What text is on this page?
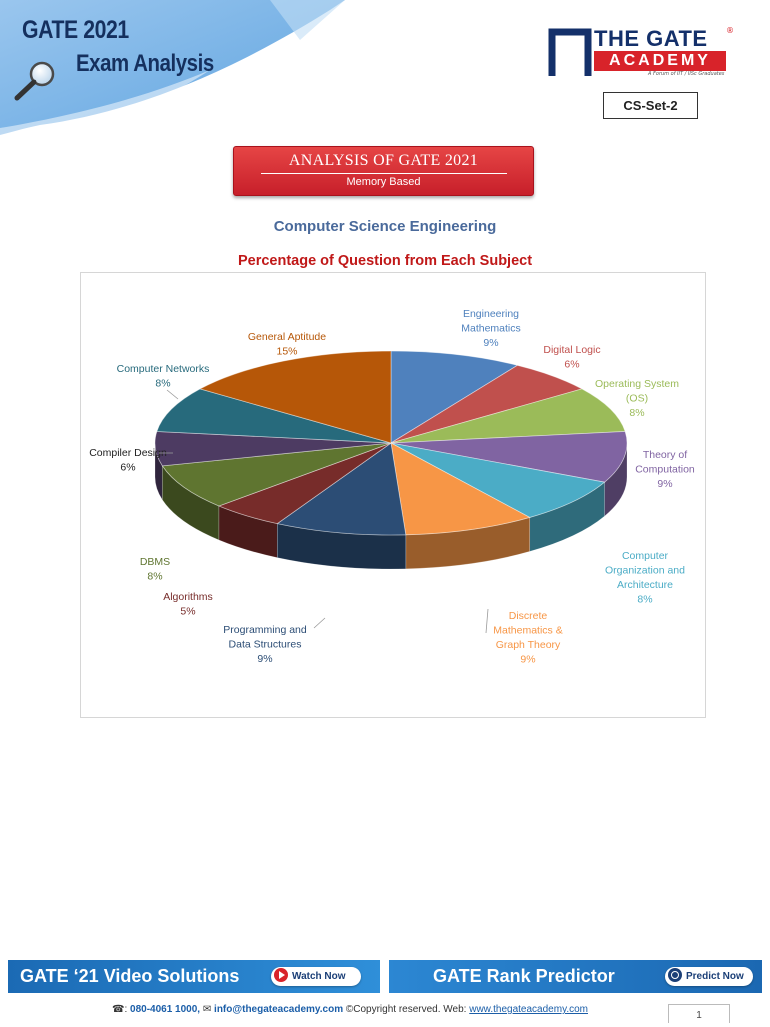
GATE 2021
Exam Analysis
THE GATE
ACADEMY
A Forum of IIT / IISc Graduates
®
CS-Set-2
ANALYSIS OF GATE 2021
Memory Based
Computer Science Engineering
Percentage of Question from Each Subject
Engineering
Mathematics
9%
Digital Logic
6%
Operating System
(OS)
8%
Theory of
Computation
9%
Computer
Organization and
Architecture
8%
Discrete
Mathematics &
Graph Theory
9%
Programming and
Data Structures
9%
Algorithms
5%
DBMS
8%
Compiler Design
6%
Computer Networks
8%
General Aptitude
15%
GATE ‘21 Video Solutions	Watch Now	GATE Rank Predictor	Predict Now
☎: 080-4061 1000, ✉ info@thegateacademy.com ©Copyright reserved. Web: www.thegateacademy.com
1
